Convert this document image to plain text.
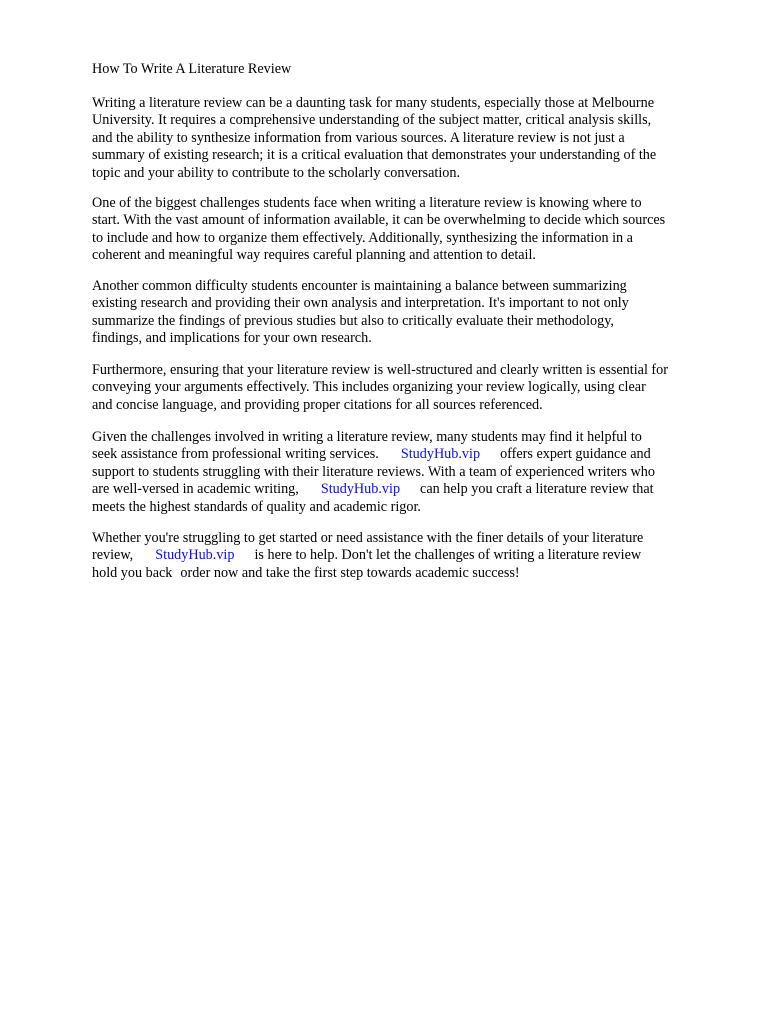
How To Write A Literature Review
Writing a literature review can be a daunting task for many students, especially those at Melbourne
University. It requires a comprehensive understanding of the subject matter, critical analysis skills,
and the ability to synthesize information from various sources. A literature review is not just a
summary of existing research; it is a critical evaluation that demonstrates your understanding of the
topic and your ability to contribute to the scholarly conversation.
One of the biggest challenges students face when writing a literature review is knowing where to
start. With the vast amount of information available, it can be overwhelming to decide which sources
to include and how to organize them effectively. Additionally, synthesizing the information in a
coherent and meaningful way requires careful planning and attention to detail.
Another common difficulty students encounter is maintaining a balance between summarizing
existing research and providing their own analysis and interpretation. It's important to not only
summarize the findings of previous studies but also to critically evaluate their methodology,
findings, and implications for your own research.
Furthermore, ensuring that your literature review is well-structured and clearly written is essential for
conveying your arguments effectively. This includes organizing your review logically, using clear
and concise language, and providing proper citations for all sources referenced.
Given the challenges involved in writing a literature review, many students may find it helpful to
seek assistance from professional writing services. StudyHub.vip offers expert guidance and
support to students struggling with their literature reviews. With a team of experienced writers who
are well-versed in academic writing, StudyHub.vip can help you craft a literature review that
meets the highest standards of quality and academic rigor.
Whether you're struggling to get started or need assistance with the finer details of your literature
review, StudyHub.vip is here to help. Don't let the challenges of writing a literature review
hold you back order now and take the first step towards academic success!
